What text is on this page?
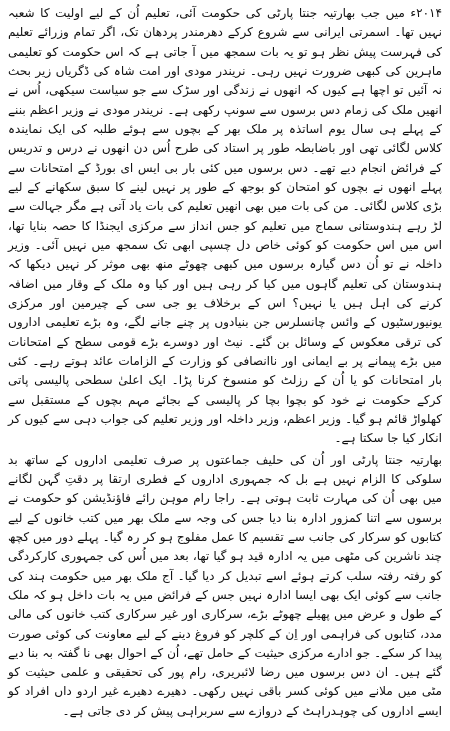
۲۰۱۴ء میں جب بھارتیہ جنتا پارٹی کی حکومت آئی، تعلیم اُن کے لیے اولیت کا شعبہ نہیں تھا۔ اسمرتی ایرانی سے شروع کرکے دھرمندر پردھان تک، اگر تمام وزرائے تعلیم کی فہرست پیش نظر ہو تو یہ بات سمجھ میں آ جاتی ہے کہ اس حکومت کو تعلیمی ماہرین کی کبھی ضرورت نہیں رہی۔ نریندر مودی اور امت شاہ کی ڈگریاں زیر بحث نہ آئیں تو اچھا ہے کیوں کہ انھوں نے زندگی اور سڑک سے جو سیاست سیکھی، اُس نے انھیں ملک کی زمام دس برسوں سے سونپ رکھی ہے۔ نریندر مودی نے وزیر اعظم بننے کے پہلے ہی سال یوم اساتذہ پر ملک بھر کے بچوں سے ہوئے طلبہ کی ایک نمایندہ کلاس لگائی تھی اور باضابطہ طور پر استاد کی طرح اُس دن انھوں نے درس و تدریس کے فرائض انجام دیے تھے۔ دس برسوں میں کئی بار بی ایس ای بورڈ کے امتحانات سے پہلے انھوں نے بچوں کو امتحان کو بوجھ کے طور پر نہیں لینے کا سبق سکھانے کے لیے بڑی کلاس لگائی۔ من کی بات میں بھی انھیں تعلیم کی بات یاد آتی ہے مگر جہالت سے لڑ رہے ہندوستانی سماج میں تعلیم کو جس انداز سے مرکزی ایجنڈا کا حصہ بنایا تھا، اس میں اس حکومت کو کوئی خاص دل چسپی ابھی تک سمجھ میں نہیں آئی۔ وزیر داخلہ نے تو اُن دس گیارہ برسوں میں کبھی چھوٹے منھ بھی موثر کر نہیں دیکھا کہ ہندوستان کی تعلیم گاہوں میں کیا کر رہی ہیں اور کیا وہ ملک کے وقار میں اضافہ کرنے کی اہل ہیں یا نہیں؟ اس کے برخلاف یو جی سی کے چیرمین اور مرکزی یونیورسٹیوں کے وائس چانسلرس جن بنیادوں پر چنے جانے لگے، وہ بڑے تعلیمی اداروں کی ترقی معکوس کے وسائل بن گئے۔ نیٹ اور دوسرے بڑے قومی سطح کے امتحانات میں بڑے پیمانے پر بے ایمانی اور ناانصافی کو وزارت کے الزامات عائد ہوتے رہے۔ کئی بار امتحانات کو یا اُن کے رزلٹ کو منسوخ کرنا پڑا۔ ایک اعلیٰ سطحی پالیسی پاتی کرکے حکومت نے خود کو بچوا بچا کر پالیسی کے بجائے مہم بچوں کے مستقبل سے کھلواڑ قائم ہو گیا۔ وزیر اعظم، وزیر داخلہ اور وزیر تعلیم کی جواب دہی سے کیوں کر انکار کیا جا سکتا ہے۔

بھارتیہ جنتا پارٹی اور اُن کی حلیف جماعتوں پر صرف تعلیمی اداروں کے ساتھ بد سلوکی کا الزام نہیں ہے بل کہ جمہوری اداروں کے فطری ارتقا پر دقتِ گہن لگانے میں بھی اُن کی مہارت ثابت ہوتی ہے۔ راجا رام موہن رائے فاؤنڈیشن کو حکومت نے برسوں سے اتنا کمزور ادارہ بنا دیا جس کی وجہ سے ملک بھر میں کتب خانوں کے لیے کتابوں کو سرکار کی جانب سے تقسیم کا عمل مفلوج ہو کر رہ گیا۔ پہلے دور میں کچھ چند ناشرین کی مٹھی میں یہ ادارہ قید ہو گیا تھا، بعد میں اُس کی جمہوری کارکردگی کو رفتہ رفتہ سلب کرتے ہوئے اسے تبدیل کر دیا گیا۔ آج ملک بھر میں حکومت ہند کی جانب سے کوئی ایک بھی ایسا ادارہ نہیں جس کے فرائض میں یہ بات داخل ہو کہ ملک کے طول و عرض میں پھیلے چھوٹے بڑے، سرکاری اور غیر سرکاری کتب خانوں کی مالی مدد، کتابوں کی فراہمی اور اِن کے کلچر کو فروغ دینے کے لیے معاونت کی کوئی صورت پیدا کر سکے۔ جو ادارے مرکزی حیثیت کے حامل تھے، اُن کے احوال بھی نا گفتہ بہ بنا دیے گئے ہیں۔ ان دس برسوں میں رضا لائبریری، رام پور کی تحقیقی و علمی حیثیت کو مٹی میں ملانے میں کوئی کسر باقی نہیں رکھی۔ دھیرے دھیرے غیر اردو داں افراد کو ایسے اداروں کی چوہدراہٹ کے دروازے سے سربراہی پیش کر دی جاتی ہے۔
